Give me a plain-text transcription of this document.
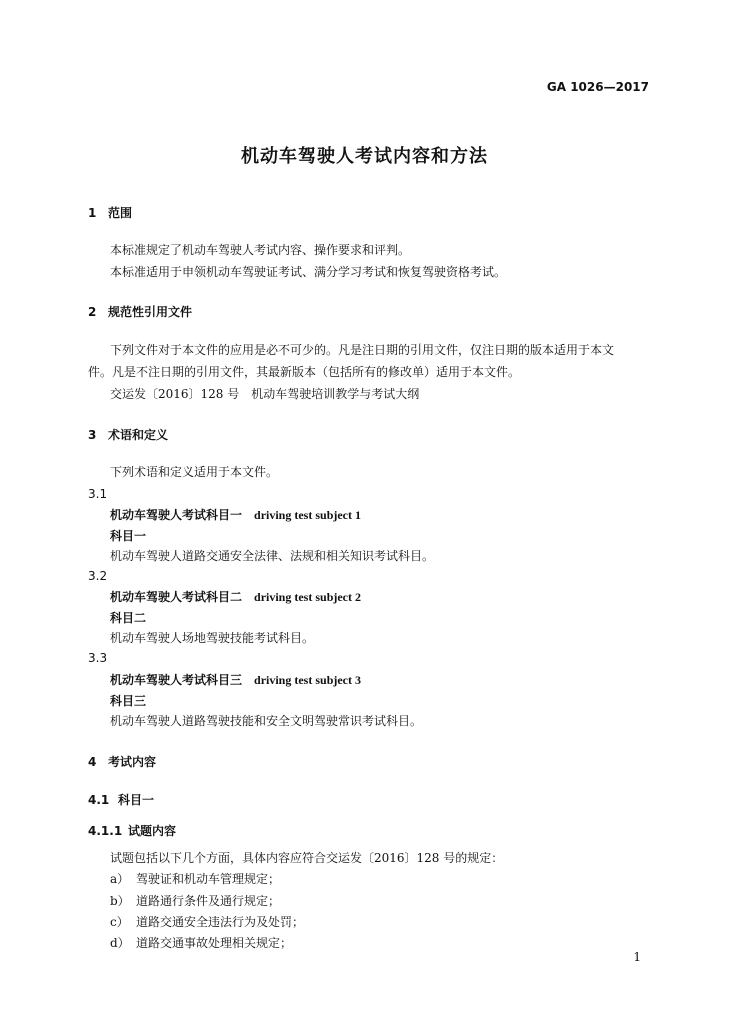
GA 1026—2017
机动车驾驶人考试内容和方法
1 范围
本标准规定了机动车驾驶人考试内容、操作要求和评判。
本标准适用于申领机动车驾驶证考试、满分学习考试和恢复驾驶资格考试。
2 规范性引用文件
下列文件对于本文件的应用是必不可少的。凡是注日期的引用文件，仅注日期的版本适用于本文
件。凡是不注日期的引用文件，其最新版本（包括所有的修改单）适用于本文件。
交运发〔2016〕128 号　机动车驾驶培训教学与考试大纲
3 术语和定义
下列术语和定义适用于本文件。
3.1
机动车驾驶人考试科目一 driving test subject 1
科目一
机动车驾驶人道路交通安全法律、法规和相关知识考试科目。
3.2
机动车驾驶人考试科目二 driving test subject 2
科目二
机动车驾驶人场地驾驶技能考试科目。
3.3
机动车驾驶人考试科目三 driving test subject 3
科目三
机动车驾驶人道路驾驶技能和安全文明驾驶常识考试科目。
4 考试内容
4.1 科目一
4.1.1 试题内容
试题包括以下几个方面，具体内容应符合交运发〔2016〕128 号的规定：
a） 驾驶证和机动车管理规定；
b） 道路通行条件及通行规定；
c） 道路交通安全违法行为及处罚；
d） 道路交通事故处理相关规定；
1
